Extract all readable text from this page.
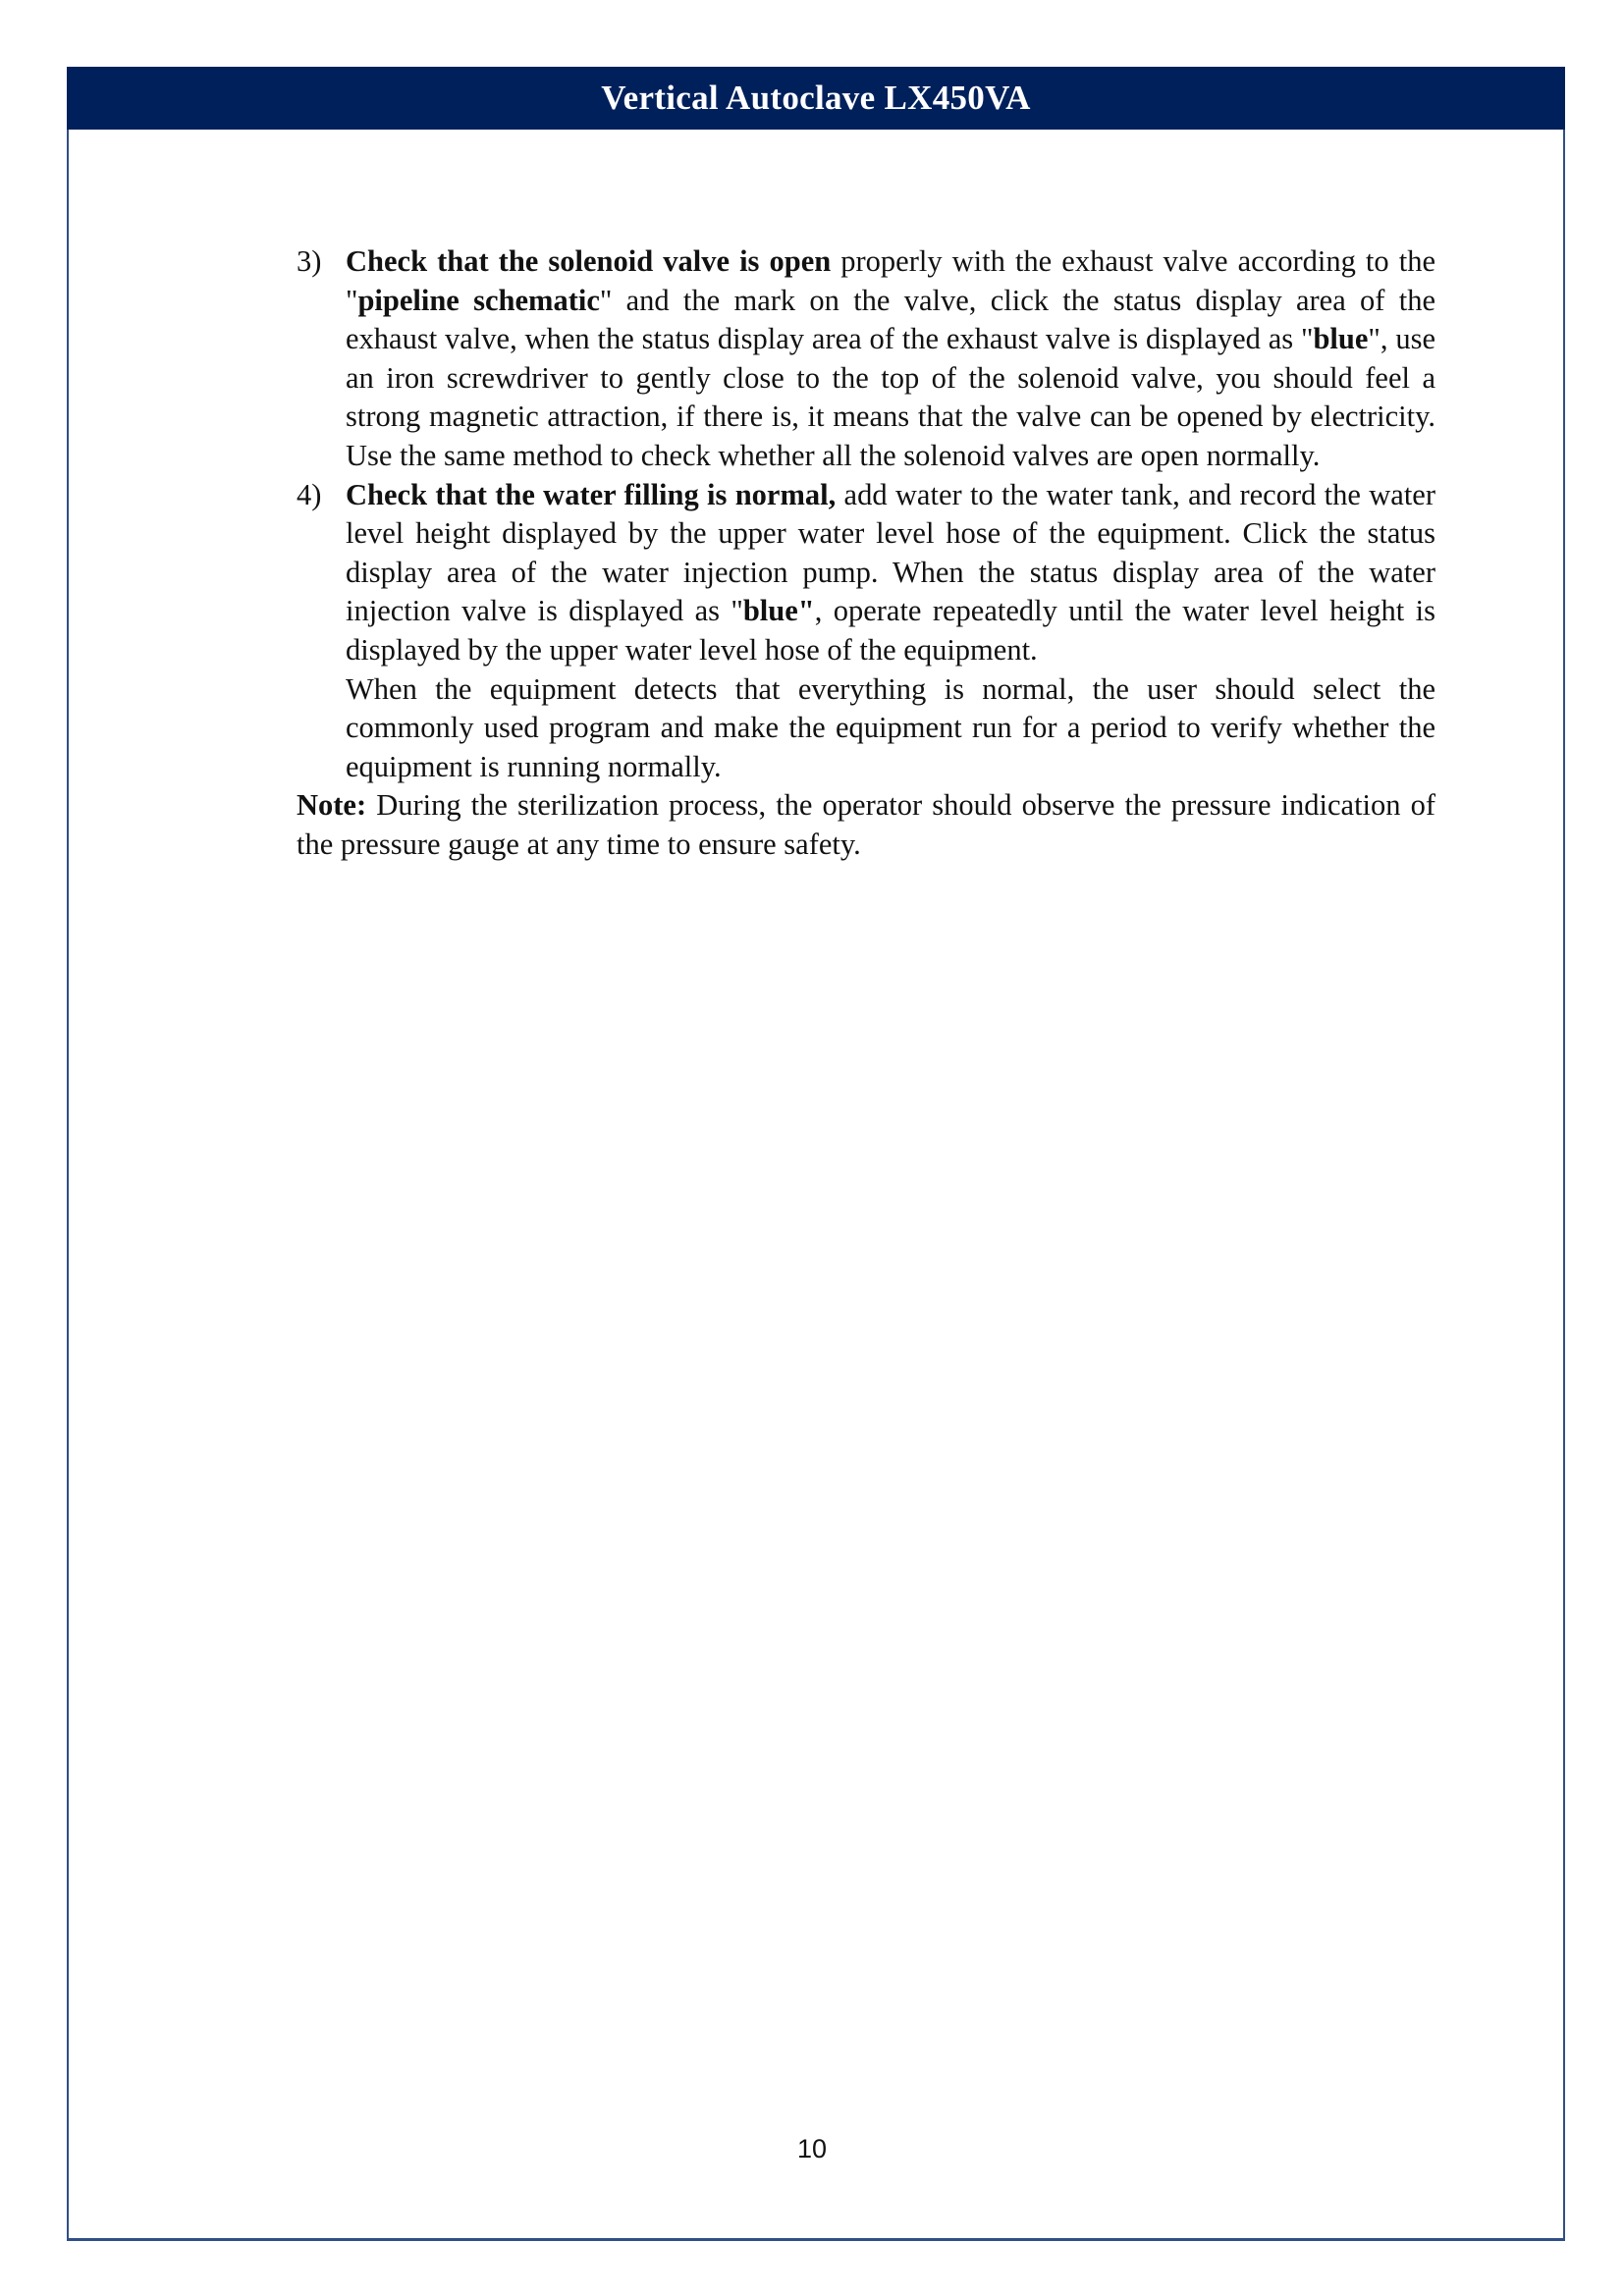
Vertical Autoclave LX450VA
3) Check that the solenoid valve is open properly with the exhaust valve according to the "pipeline schematic" and the mark on the valve, click the status display area of the exhaust valve, when the status display area of the exhaust valve is displayed as "blue", use an iron screwdriver to gently close to the top of the solenoid valve, you should feel a strong magnetic attraction, if there is, it means that the valve can be opened by electricity. Use the same method to check whether all the solenoid valves are open normally.

4) Check that the water filling is normal, add water to the water tank, and record the water level height displayed by the upper water level hose of the equipment. Click the status display area of the water injection pump. When the status display area of the water injection valve is displayed as "blue", operate repeatedly until the water level height is displayed by the upper water level hose of the equipment.

When the equipment detects that everything is normal, the user should select the commonly used program and make the equipment run for a period to verify whether the equipment is running normally.

Note: During the sterilization process, the operator should observe the pressure indication of the pressure gauge at any time to ensure safety.

10
